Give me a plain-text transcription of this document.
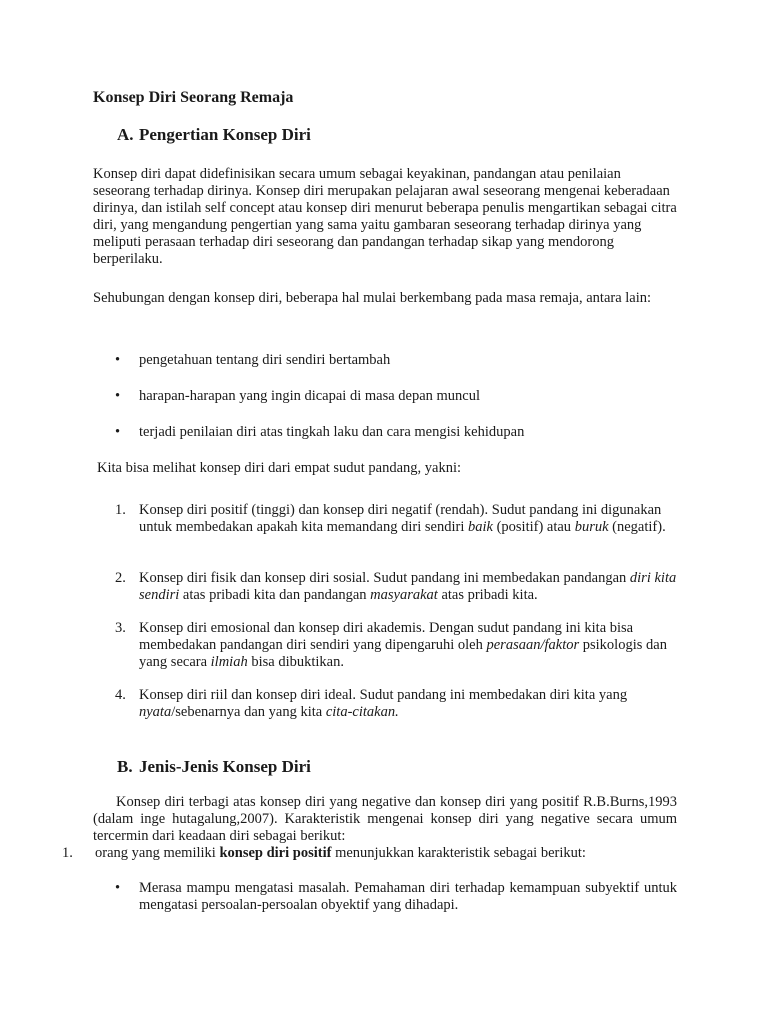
Konsep Diri Seorang Remaja
A. Pengertian Konsep Diri

Konsep diri dapat didefinisikan secara umum sebagai keyakinan, pandangan atau penilaian seseorang terhadap dirinya. Konsep diri merupakan pelajaran awal seseorang mengenai keberadaan dirinya, dan istilah self concept atau konsep diri menurut beberapa penulis mengartikan sebagai citra diri, yang mengandung pengertian yang sama yaitu gambaran seseorang terhadap dirinya yang meliputi perasaan terhadap diri seseorang dan pandangan terhadap sikap yang mendorong berperilaku.

Sehubungan dengan konsep diri, beberapa hal mulai berkembang pada masa remaja, antara lain:

•	pengetahuan tentang diri sendiri bertambah
•	harapan-harapan yang ingin dicapai di masa depan muncul
•	terjadi penilaian diri atas tingkah laku dan cara mengisi kehidupan

Kita bisa melihat konsep diri dari empat sudut pandang, yakni:

1. Konsep diri positif (tinggi) dan konsep diri negatif (rendah). Sudut pandang ini digunakan untuk membedakan apakah kita memandang diri sendiri baik (positif) atau buruk (negatif).
2. Konsep diri fisik dan konsep diri sosial. Sudut pandang ini membedakan pandangan diri kita sendiri atas pribadi kita dan pandangan masyarakat atas pribadi kita.
3. Konsep diri emosional dan konsep diri akademis. Dengan sudut pandang ini kita bisa membedakan pandangan diri sendiri yang dipengaruhi oleh perasaan/faktor psikologis dan yang secara ilmiah bisa dibuktikan.
4. Konsep diri riil dan konsep diri ideal. Sudut pandang ini membedakan diri kita yang nyata/sebenarnya dan yang kita cita-citakan.
B. Jenis-Jenis Konsep Diri

Konsep diri terbagi atas konsep diri yang negative dan konsep diri yang positif R.B.Burns,1993 (dalam inge hutagalung,2007). Karakteristik mengenai konsep diri yang negative secara umum tercermin dari keadaan diri sebagai berikut:

1. orang yang memiliki konsep diri positif menunjukkan karakteristik sebagai berikut:
•	Merasa mampu mengatasi masalah. Pemahaman diri terhadap kemampuan subyektif untuk mengatasi persoalan-persoalan obyektif yang dihadapi.
